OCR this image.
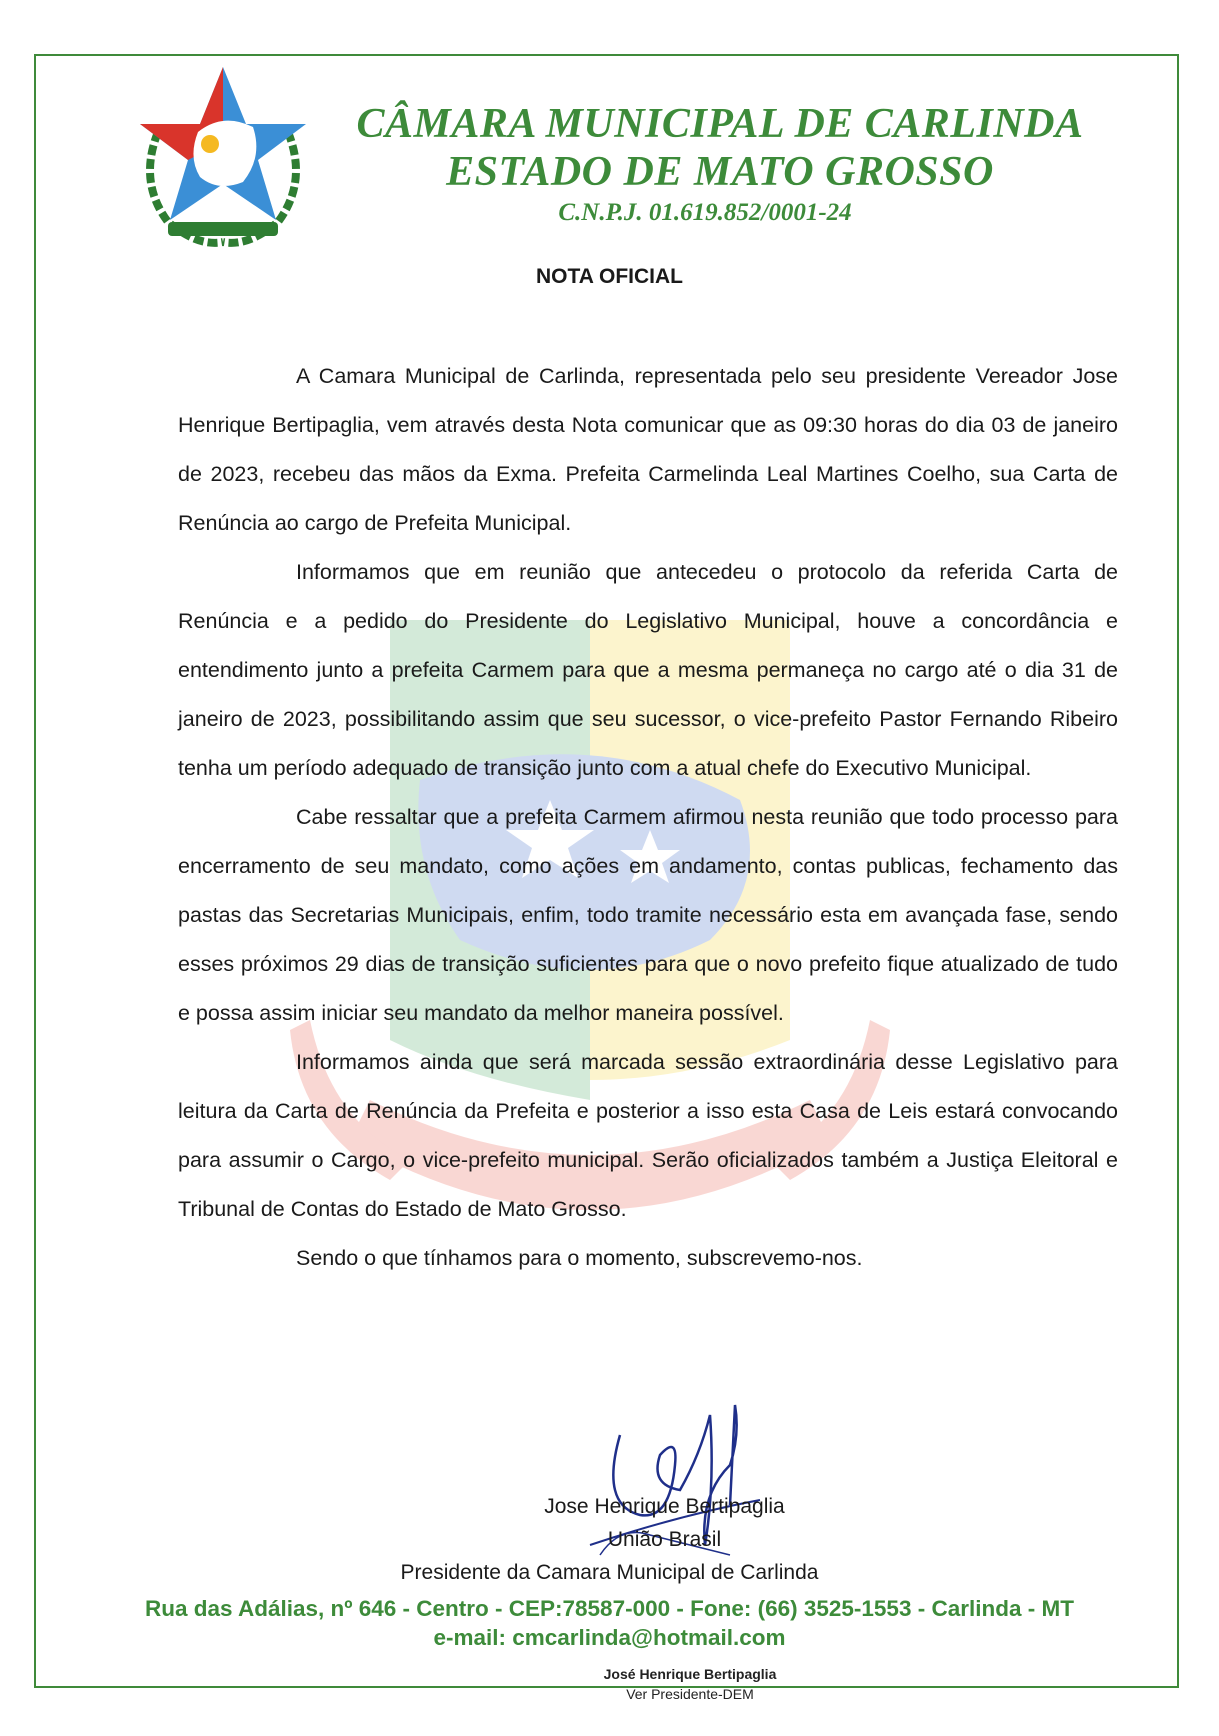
CÂMARA MUNICIPAL DE CARLINDA
ESTADO DE MATO GROSSO
C.N.P.J. 01.619.852/0001-24
NOTA OFICIAL

A Camara Municipal de Carlinda, representada pelo seu presidente Vereador Jose Henrique Bertipaglia, vem através desta Nota comunicar que as 09:30 horas do dia 03 de janeiro de 2023, recebeu das mãos da Exma. Prefeita Carmelinda Leal Martines Coelho, sua Carta de Renúncia ao cargo de Prefeita Municipal.

Informamos que em reunião que antecedeu o protocolo da referida Carta de Renúncia e a pedido do Presidente do Legislativo Municipal, houve a concordância e entendimento junto a prefeita Carmem para que a mesma permaneça no cargo até o dia 31 de janeiro de 2023, possibilitando assim que seu sucessor, o vice-prefeito Pastor Fernando Ribeiro tenha um período adequado de transição junto com a atual chefe do Executivo Municipal.

Cabe ressaltar que a prefeita Carmem afirmou nesta reunião que todo processo para encerramento de seu mandato, como ações em andamento, contas publicas, fechamento das pastas das Secretarias Municipais, enfim, todo tramite necessário esta em avançada fase, sendo esses próximos 29 dias de transição suficientes para que o novo prefeito fique atualizado de tudo e possa assim iniciar seu mandato da melhor maneira possível.

Informamos ainda que será marcada sessão extraordinária desse Legislativo para leitura da Carta de Renúncia da Prefeita e posterior a isso esta Casa de Leis estará convocando para assumir o Cargo, o vice-prefeito municipal. Serão oficializados também a Justiça Eleitoral e Tribunal de Contas do Estado de Mato Grosso.

Sendo o que tínhamos para o momento, subscrevemo-nos.

Jose Henrique Bertipaglia
União Brasil
Presidente da Camara Municipal de Carlinda
Rua das Adálias, nº 646 - Centro - CEP:78587-000 - Fone: (66) 3525-1553 - Carlinda - MT
e-mail: cmcarlinda@hotmail.com
José Henrique Bertipaglia
Ver Presidente-DEM
